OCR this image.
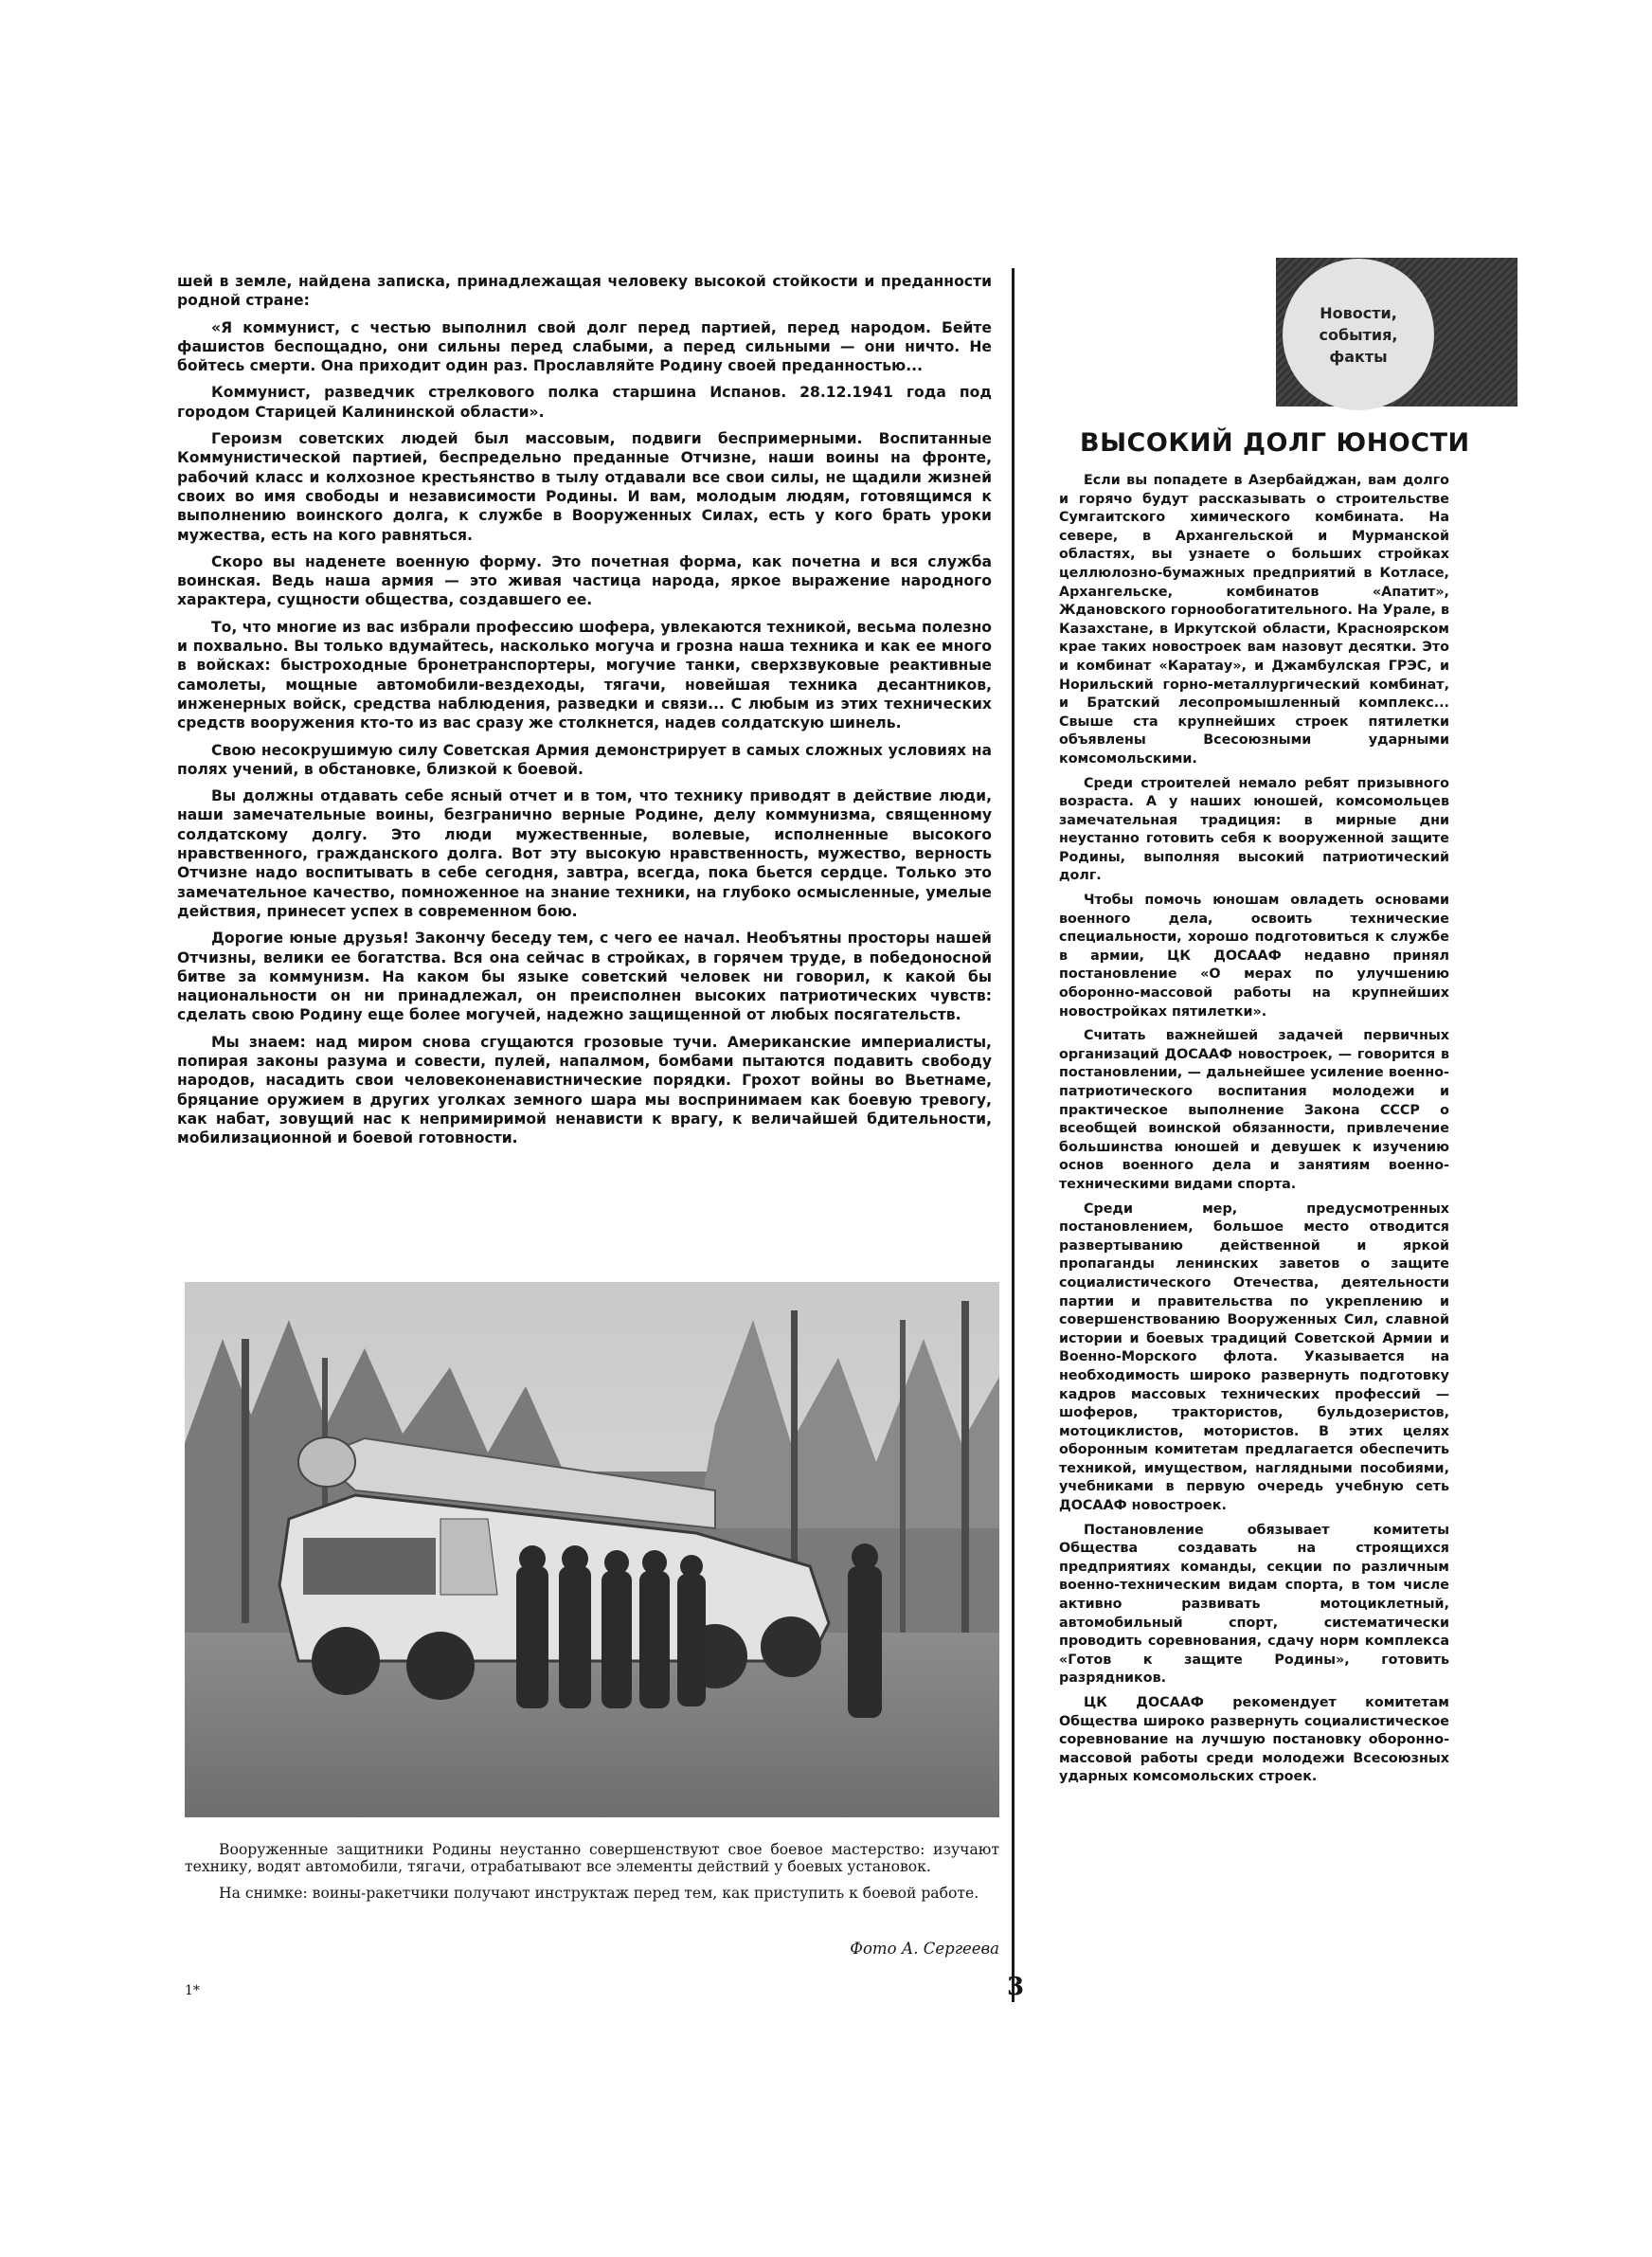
шей в земле, найдена записка, принадлежащая человеку высокой стойкости и преданности родной стране:

«Я коммунист, с честью выполнил свой долг перед партией, перед народом. Бейте фашистов беспощадно, они сильны перед слабыми, а перед сильными — они ничто. Не бойтесь смерти. Она приходит один раз. Прославляйте Родину своей преданностью...

Коммунист, разведчик стрелкового полка старшина Испанов. 28.12.1941 года под городом Старицей Калининской области».

Героизм советских людей был массовым, подвиги беспримерными. Воспитанные Коммунистической партией, беспредельно преданные Отчизне, наши воины на фронте, рабочий класс и колхозное крестьянство в тылу отдавали все свои силы, не щадили жизней своих во имя свободы и независимости Родины. И вам, молодым людям, готовящимся к выполнению воинского долга, к службе в Вооруженных Силах, есть у кого брать уроки мужества, есть на кого равняться.

Скоро вы наденете военную форму. Это почетная форма, как почетна и вся служба воинская. Ведь наша армия — это живая частица народа, яркое выражение народного характера, сущности общества, создавшего ее.

То, что многие из вас избрали профессию шофера, увлекаются техникой, весьма полезно и похвально. Вы только вдумайтесь, насколько могуча и грозна наша техника и как ее много в войсках: быстроходные бронетранспортеры, могучие танки, сверхзвуковые реактивные самолеты, мощные автомобили-вездеходы, тягачи, новейшая техника десантников, инженерных войск, средства наблюдения, разведки и связи... С любым из этих технических средств вооружения кто-то из вас сразу же столкнется, надев солдатскую шинель.

Свою несокрушимую силу Советская Армия демонстрирует в самых сложных условиях на полях учений, в обстановке, близкой к боевой.

Вы должны отдавать себе ясный отчет и в том, что технику приводят в действие люди, наши замечательные воины, безгранично верные Родине, делу коммунизма, священному солдатскому долгу. Это люди мужественные, волевые, исполненные высокого нравственного, гражданского долга. Вот эту высокую нравственность, мужество, верность Отчизне надо воспитывать в себе сегодня, завтра, всегда, пока бьется сердце. Только это замечательное качество, помноженное на знание техники, на глубоко осмысленные, умелые действия, принесет успех в современном бою.

Дорогие юные друзья! Закончу беседу тем, с чего ее начал. Необъятны просторы нашей Отчизны, велики ее богатства. Вся она сейчас в стройках, в горячем труде, в победоносной битве за коммунизм. На каком бы языке советский человек ни говорил, к какой бы национальности он ни принадлежал, он преисполнен высоких патриотических чувств: сделать свою Родину еще более могучей, надежно защищенной от любых посягательств.

Мы знаем: над миром снова сгущаются грозовые тучи. Американские империалисты, попирая законы разума и совести, пулей, напалмом, бомбами пытаются подавить свободу народов, насадить свои человеконенавистнические порядки. Грохот войны во Вьетнаме, бряцание оружием в других уголках земного шара мы воспринимаем как боевую тревогу, как набат, зовущий нас к непримиримой ненависти к врагу, к величайшей бдительности, мобилизационной и боевой готовности.

Вооруженные защитники Родины неустанно совершенствуют свое боевое мастерство: изучают технику, водят автомобили, тягачи, отрабатывают все элементы действий у боевых установок.

На снимке: воины-ракетчики получают инструктаж перед тем, как приступить к боевой работе.

Фото А. Сергеева
3
1*
Новости,
события,
факты
ВЫСОКИЙ ДОЛГ ЮНОСТИ

Если вы попадете в Азербайджан, вам долго и горячо будут рассказывать о строительстве Сумгаитского химического комбината. На севере, в Архангельской и Мурманской областях, вы узнаете о больших стройках целлюлозно-бумажных предприятий в Котласе, Архангельске, комбинатов «Апатит», Ждановского горнообогатительного. На Урале, в Казахстане, в Иркутской области, Красноярском крае таких новостроек вам назовут десятки. Это и комбинат «Каратау», и Джамбулская ГРЭС, и Норильский горно-металлургический комбинат, и Братский лесопромышленный комплекс... Свыше ста крупнейших строек пятилетки объявлены Всесоюзными ударными комсомольскими.

Среди строителей немало ребят призывного возраста. А у наших юношей, комсомольцев замечательная традиция: в мирные дни неустанно готовить себя к вооруженной защите Родины, выполняя высокий патриотический долг.

Чтобы помочь юношам овладеть основами военного дела, освоить технические специальности, хорошо подготовиться к службе в армии, ЦК ДОСААФ недавно принял постановление «О мерах по улучшению оборонно-массовой работы на крупнейших новостройках пятилетки».

Считать важнейшей задачей первичных организаций ДОСААФ новостроек, — говорится в постановлении, — дальнейшее усиление военно-патриотического воспитания молодежи и практическое выполнение Закона СССР о всеобщей воинской обязанности, привлечение большинства юношей и девушек к изучению основ военного дела и занятиям военно-техническими видами спорта.

Среди мер, предусмотренных постановлением, большое место отводится развертыванию действенной и яркой пропаганды ленинских заветов о защите социалистического Отечества, деятельности партии и правительства по укреплению и совершенствованию Вооруженных Сил, славной истории и боевых традиций Советской Армии и Военно-Морского флота. Указывается на необходимость широко развернуть подготовку кадров массовых технических профессий — шоферов, трактористов, бульдозеристов, мотоциклистов, мотористов. В этих целях оборонным комитетам предлагается обеспечить техникой, имуществом, наглядными пособиями, учебниками в первую очередь учебную сеть ДОСААФ новостроек.

Постановление обязывает комитеты Общества создавать на строящихся предприятиях команды, секции по различным военно-техническим видам спорта, в том числе активно развивать мотоциклетный, автомобильный спорт, систематически проводить соревнования, сдачу норм комплекса «Готов к защите Родины», готовить разрядников.

ЦК ДОСААФ рекомендует комитетам Общества широко развернуть социалистическое соревнование на лучшую постановку оборонно-массовой работы среди молодежи Всесоюзных ударных комсомольских строек.
